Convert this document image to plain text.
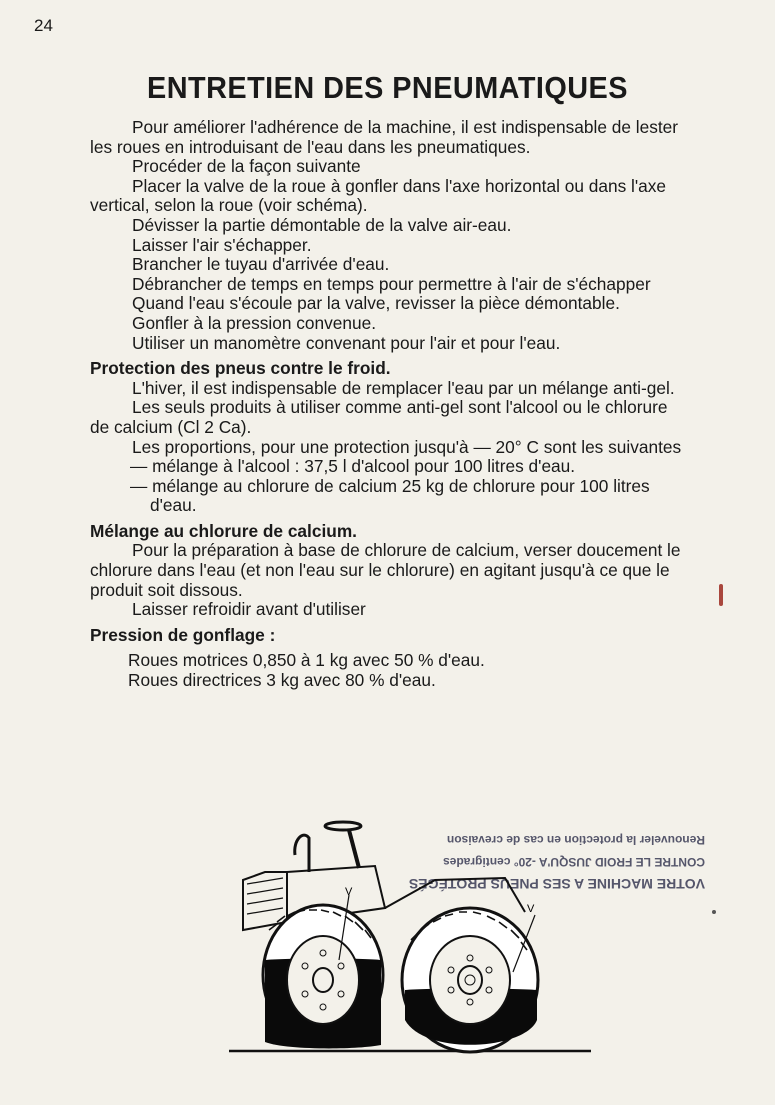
24
ENTRETIEN DES PNEUMATIQUES

Pour améliorer l'adhérence de la machine, il est indispensable de lester les roues en introduisant de l'eau dans les pneumatiques.

Procéder de la façon suivante

Placer la valve de la roue à gonfler dans l'axe horizontal ou dans l'axe vertical, selon la roue (voir schéma).

Dévisser la partie démontable de la valve air-eau.

Laisser l'air s'échapper.

Brancher le tuyau d'arrivée d'eau.

Débrancher de temps en temps pour permettre à l'air de s'échapper

Quand l'eau s'écoule par la valve, revisser la pièce démontable.

Gonfler à la pression convenue.

Utiliser un manomètre convenant pour l'air et pour l'eau.

Protection des pneus contre le froid.

L'hiver, il est indispensable de remplacer l'eau par un mélange anti-gel.

Les seuls produits à utiliser comme anti-gel sont l'alcool ou le chlorure de calcium (Cl 2 Ca).

Les proportions, pour une protection jusqu'à — 20° C sont les suivantes

— mélange à l'alcool : 37,5 l d'alcool pour 100 litres d'eau.

— mélange au chlorure de calcium 25 kg de chlorure pour 100 litres d'eau.

Mélange au chlorure de calcium.

Pour la préparation à base de chlorure de calcium, verser doucement le chlorure dans l'eau (et non l'eau sur le chlorure) en agitant jusqu'à ce que le produit soit dissous.

Laisser refroidir avant d'utiliser

Pression de gonflage :

Roues motrices 0,850 à 1 kg avec 50 % d'eau.

Roues directrices 3 kg avec 80 % d'eau.

VOTRE MACHINE A SES PNEUS PROTÉGÉS
CONTRE LE FROID JUSQU'A -20° centigrades
Renouveler la protection en cas de crevaison
V
V
